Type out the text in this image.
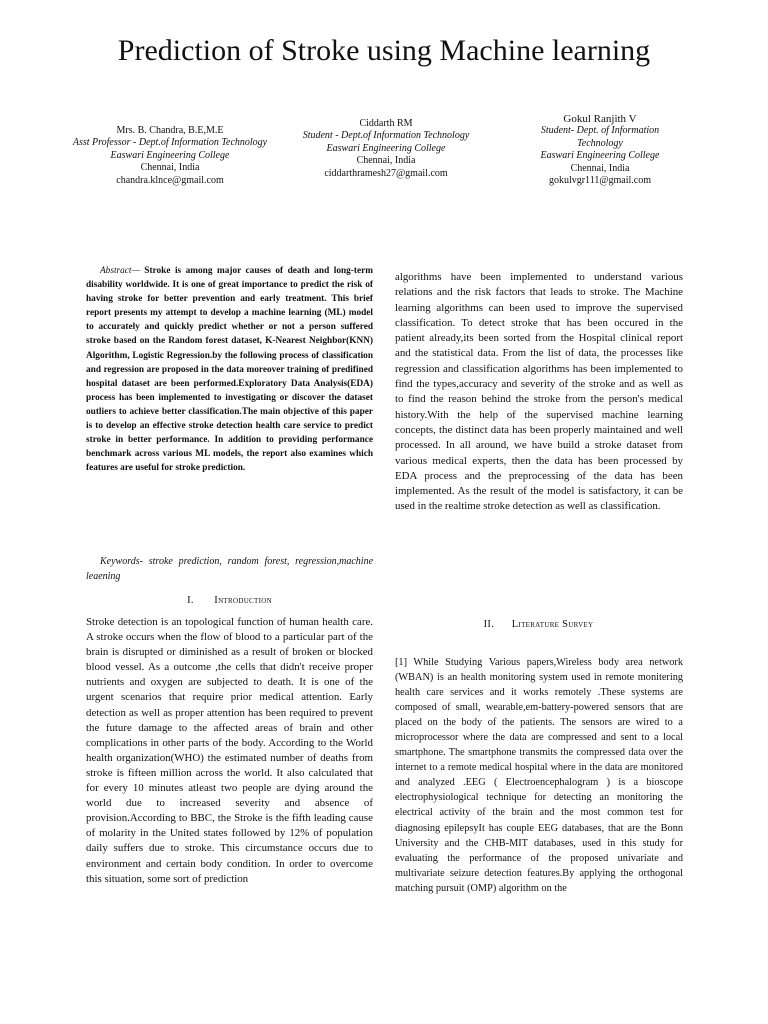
Prediction of Stroke using Machine learning
Mrs. B. Chandra, B.E,M.E
Asst Professor - Dept.of Information Technology
Easwari Engineering College
Chennai, India
chandra.klnce@gmail.com
Ciddarth RM
Student - Dept.of Information Technology
Easwari Engineering College
Chennai, India
ciddarthramesh27@gmail.com
Gokul Ranjith V
Student- Dept. of Information Technology
Easwari Engineering College
Chennai, India
gokulvgr111@gmail.com
Abstract— Stroke is among major causes of death and long-term disability worldwide. It is one of great importance to predict the risk of having stroke for better prevention and early treatment. This brief report presents my attempt to develop a machine learning (ML) model to accurately and quickly predict whether or not a person suffered stroke based on the Random forest dataset, K-Nearest Neighbor(KNN) Algorithm, Logistic Regression.by the following process of classification and regression are proposed in the data moreover training of predifined hospital dataset are been performed.Exploratory Data Analysis(EDA) process has been implemented to investigating or discover the dataset outliers to achieve better classification.The main objective of this paper is to develop an effective stroke detection health care service to predict stroke in better performance. In addition to providing performance benchmark across various ML models, the report also examines which features are useful for stroke prediction.
Keywords- stroke prediction, random forest, regression,machine leaening
I. Introduction
Stroke detection is an topological function of human health care. A stroke occurs when the flow of blood to a particular part of the brain is disrupted or diminished as a result of broken or blocked blood vessel. As a outcome ,the cells that didn't receive proper nutrients and oxygen are subjected to death. It is one of the urgent scenarios that require prior medical attention. Early detection as well as proper attention has been required to prevent the future damage to the affected areas of brain and other complications in other parts of the body. According to the World health organization(WHO) the estimated number of deaths from stroke is fifteen million across the world. It also calculated that for every 10 minutes atleast two people are dying around the world due to increased severity and absence of provision.According to BBC, the Stroke is the fifth leading cause of molarity in the United states followed by 12% of population daily suffers due to stroke. This circumstance occurs due to environment and certain body condition. In order to overcome this situation, some sort of prediction
algorithms have been implemented to understand various relations and the risk factors that leads to stroke. The Machine learning algorithms can been used to improve the supervised classification. To detect stroke that has been occured in the patient already,its been sorted from the Hospital clinical report and the statistical data. From the list of data, the processes like regression and classification algorithms has been implemented to find the types,accuracy and severity of the stroke and as well as to find the reason behind the stroke from the person's medical history.With the help of the supervised machine learning concepts, the distinct data has been properly maintained and well processed. In all around, we have build a stroke dataset from various medical experts, then the data has been processed by EDA process and the preprocessing of the data has been implemented. As the result of the model is satisfactory, it can be used in the realtime stroke detection as well as classification.
II. Literature Survey
[1] While Studying Various papers,Wireless body area network (WBAN) is an health monitoring system used in remote monitering health care services and it works remotely .These systems are composed of small, wearable,em-battery-powered sensors that are placed on the body of the patients. The sensors are wired to a microprocessor where the data are compressed and sent to a local smartphone. The smartphone transmits the compressed data over the internet to a remote medical hospital where in the data are monitored and analyzed .EEG ( Electroencephalogram ) is a bioscope electrophysiological technique for detecting an monitoring the electrical activity of the brain and the most common test for diagnosing epilepsyIt has couple EEG databases, that are the Bonn University and the CHB-MIT databases, used in this study for evaluating the performance of the proposed univariate and multivariate seizure detection features.By applying the orthogonal matching pursuit (OMP) algorithm on the
